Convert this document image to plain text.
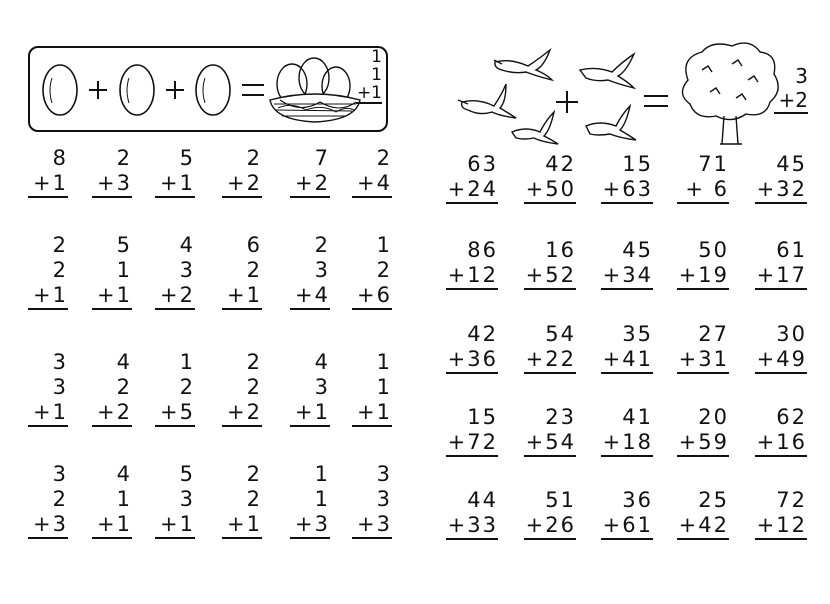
1
1
+1
3
+2
8
+1
2
+3
5
+1
2
+2
7
+2
2
+4
2
2
+1
5
1
+1
4
3
+2
6
2
+1
2
3
+4
1
2
+6
3
3
+1
4
2
+2
1
2
+5
2
2
+2
4
3
+1
1
1
+1
3
2
+3
4
1
+1
5
3
+1
2
2
+1
1
1
+3
3
3
+3
63
+24
42
+50
15
+63
71
+ 6
45
+32
86
+12
16
+52
45
+34
50
+19
61
+17
42
+36
54
+22
35
+41
27
+31
30
+49
15
+72
23
+54
41
+18
20
+59
62
+16
44
+33
51
+26
36
+61
25
+42
72
+12
